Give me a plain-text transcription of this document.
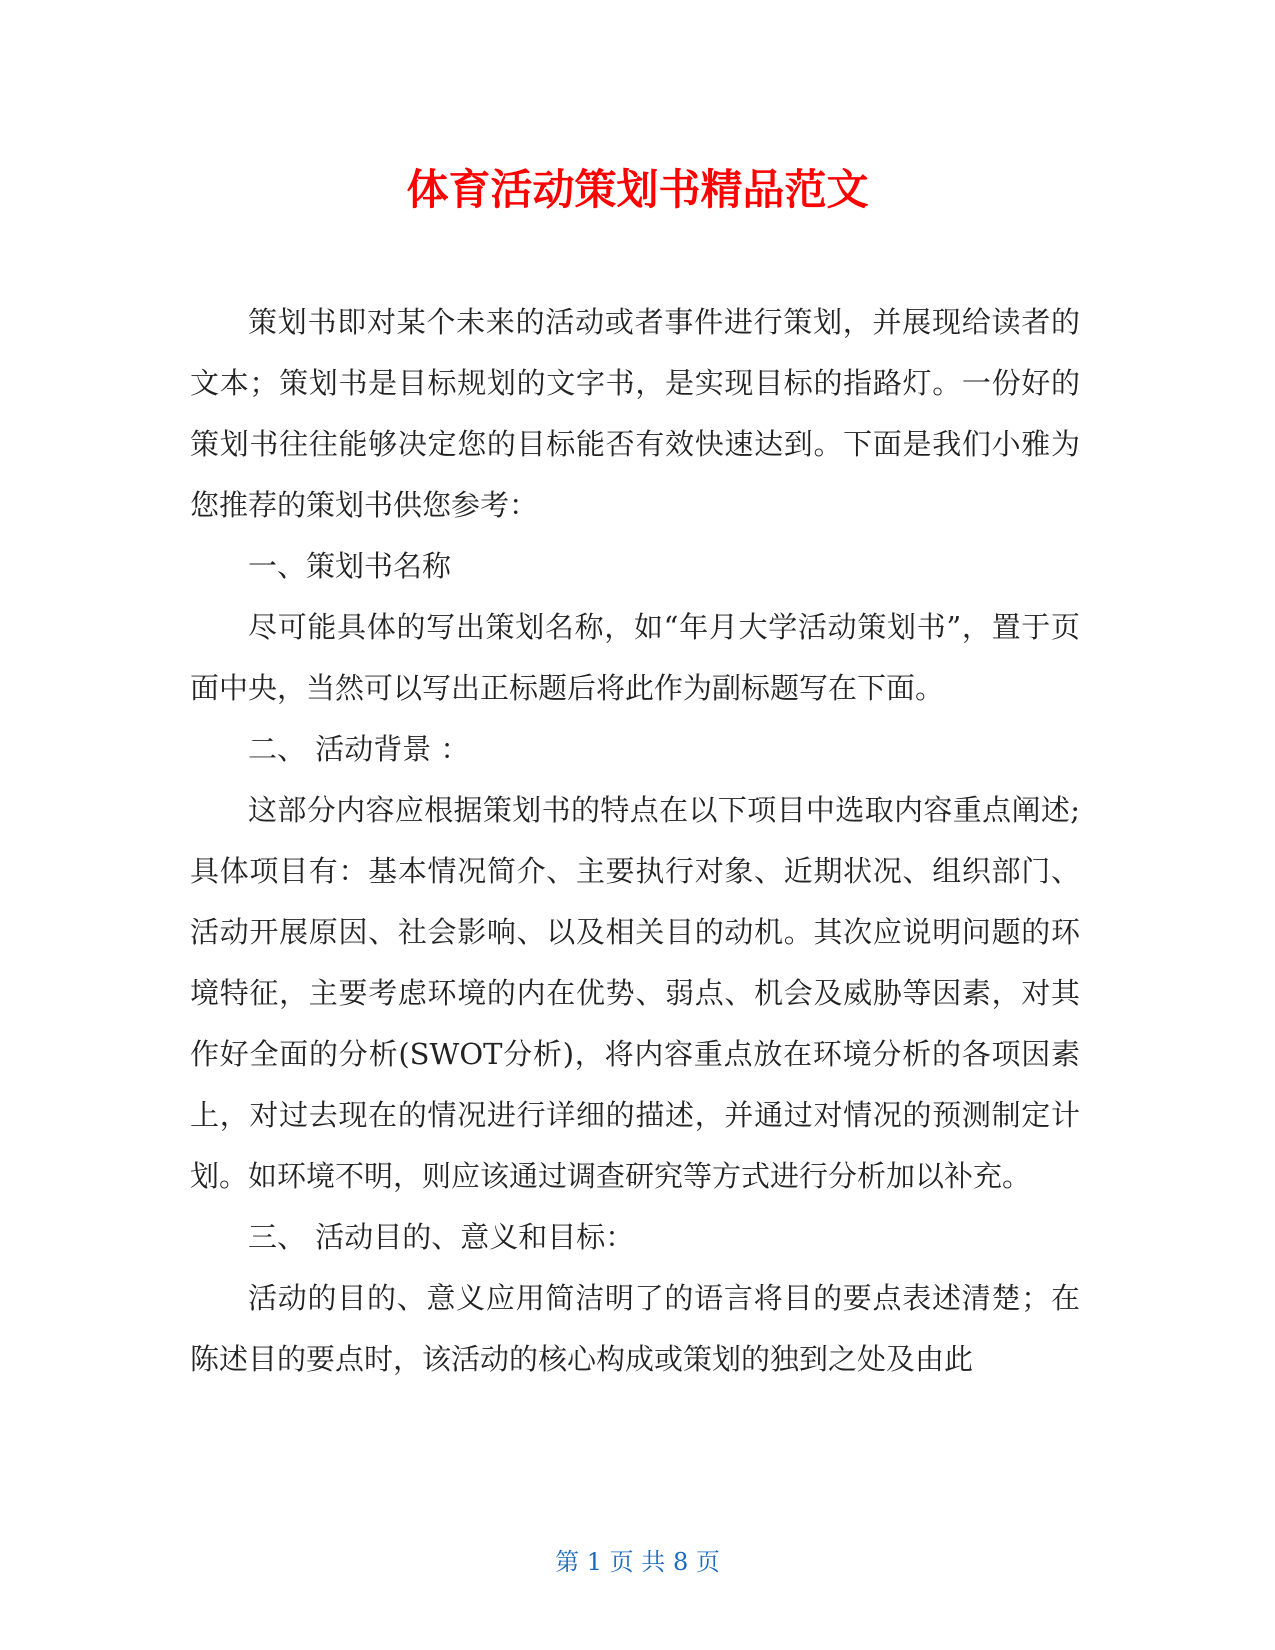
体育活动策划书精品范文

策划书即对某个未来的活动或者事件进行策划，并展现给读者的文本；策划书是目标规划的文字书，是实现目标的指路灯。一份好的策划书往往能够决定您的目标能否有效快速达到。下面是我们小雅为您推荐的策划书供您参考：

一、策划书名称

尽可能具体的写出策划名称，如“年月大学活动策划书”，置于页面中央，当然可以写出正标题后将此作为副标题写在下面。

二、 活动背景 ：

这部分内容应根据策划书的特点在以下项目中选取内容重点阐述;具体项目有：基本情况简介、主要执行对象、近期状况、组织部门、活动开展原因、社会影响、以及相关目的动机。其次应说明问题的环境特征，主要考虑环境的内在优势、弱点、机会及威胁等因素，对其作好全面的分析(SWOT分析)，将内容重点放在环境分析的各项因素上，对过去现在的情况进行详细的描述，并通过对情况的预测制定计划。如环境不明，则应该通过调查研究等方式进行分析加以补充。

三、 活动目的、意义和目标：

活动的目的、意义应用简洁明了的语言将目的要点表述清楚；在陈述目的要点时，该活动的核心构成或策划的独到之处及由此

第 1 页 共 8 页
